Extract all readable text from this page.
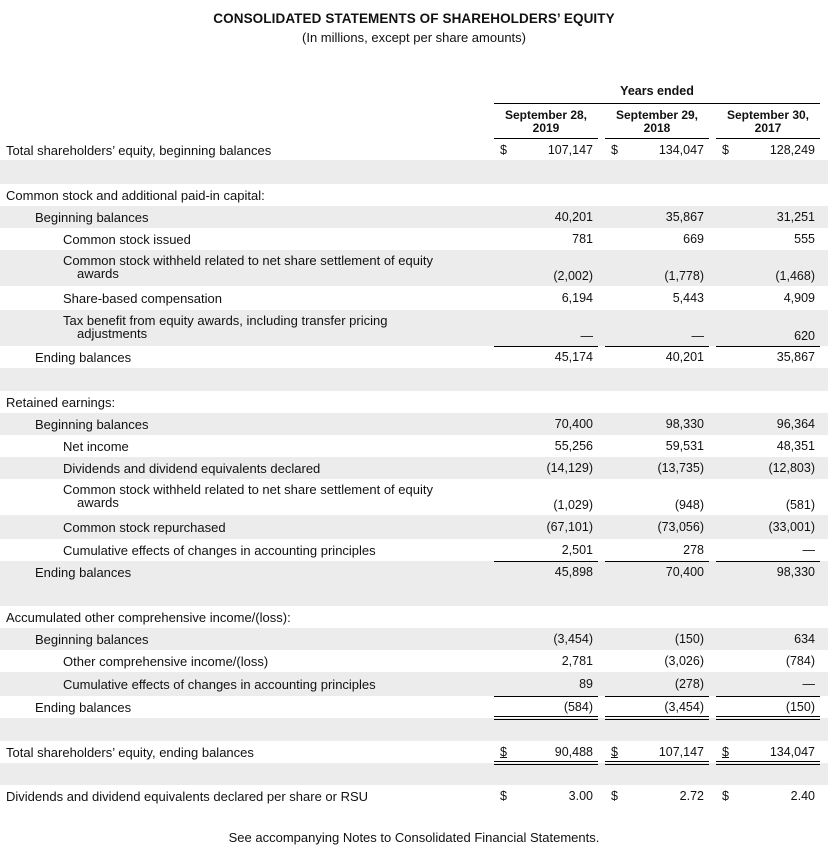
CONSOLIDATED STATEMENTS OF SHAREHOLDERS’ EQUITY
(In millions, except per share amounts)
Years ended
September 28,
2019
September 29,
2018
September 30,
2017
Total shareholders’ equity, beginning balances	$	107,147 $	134,047 $	128,249
Common stock and additional paid-in capital:
Beginning balances	40,201	35,867	31,251
Common stock issued	781	669	555
Common stock withheld related to net share settlement of equity
awards	(2,002)	(1,778)	(1,468)
Share-based compensation	6,194	5,443	4,909
Tax benefit from equity awards, including transfer pricing
adjustments	—	—	620
Ending balances	45,174	40,201	35,867
Retained earnings:
Beginning balances	70,400	98,330	96,364
Net income	55,256	59,531	48,351
Dividends and dividend equivalents declared	(14,129)	(13,735)	(12,803)
Common stock withheld related to net share settlement of equity
awards	(1,029)	(948)	(581)
Common stock repurchased	(67,101)	(73,056)	(33,001)
Cumulative effects of changes in accounting principles	2,501	278	—
Ending balances	45,898	70,400	98,330
Accumulated other comprehensive income/(loss):
Beginning balances	(3,454)	(150)	634
Other comprehensive income/(loss)	2,781	(3,026)	(784)
Cumulative effects of changes in accounting principles	89	(278)	—
Ending balances	(584)	(3,454)	(150)
Total shareholders’ equity, ending balances	$	90,488 $	107,147 $	134,047
Dividends and dividend equivalents declared per share or RSU	$	3.00 $	2.72 $	2.40
See accompanying Notes to Consolidated Financial Statements.
